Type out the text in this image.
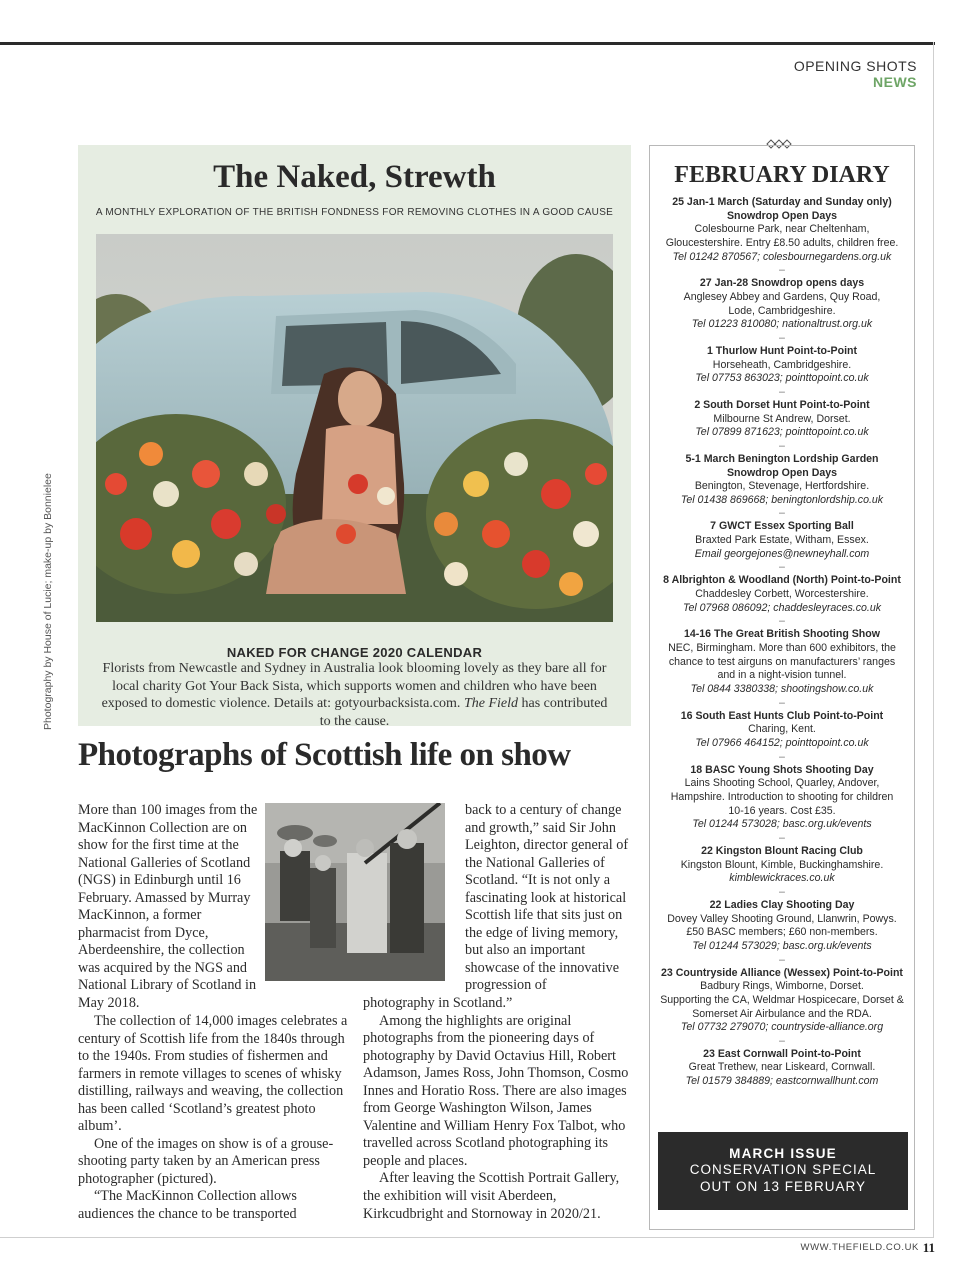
OPENING SHOTS
NEWS
Photography by House of Lucie; make-up by Bonnielee
The Naked, Strewth
A MONTHLY EXPLORATION OF THE BRITISH FONDNESS FOR REMOVING CLOTHES IN A GOOD CAUSE
NAKED FOR CHANGE 2020 CALENDAR
Florists from Newcastle and Sydney in Australia look blooming lovely as they bare all for local charity Got Your Back Sista, which supports women and children who have been exposed to domestic violence. Details at: gotyourbacksista.com. The Field has contributed to the cause.
Photographs of Scottish life on show

More than 100 images from the MacKinnon Collection are on show for the first time at the National Galleries of Scotland (NGS) in Edinburgh until 16 February. Amassed by Murray MacKinnon, a former pharmacist from Dyce, Aberdeenshire, the collection was acquired by the NGS and National Library of Scotland in May 2018.

The collection of 14,000 images celebrates a century of Scottish life from the 1840s through to the 1940s. From studies of fishermen and farmers in remote villages to scenes of whisky distilling, railways and weaving, the collection has been called ‘Scotland’s greatest photo album’.

One of the images on show is of a grouse-shooting party taken by an American press photographer (pictured).

“The MacKinnon Collection allows audiences the chance to be transported

back to a century of change and growth,” said Sir John Leighton, director general of the National Galleries of Scotland. “It is not only a fascinating look at historical Scottish life that sits just on the edge of living memory, but also an important showcase of the innovative progression of

photography in Scotland.”

Among the highlights are original photographs from the pioneering days of photography by David Octavius Hill, Robert Adamson, James Ross, John Thomson, Cosmo Innes and Horatio Ross. There are also images from George Washington Wilson, James Valentine and William Henry Fox Talbot, who travelled across Scotland photographing its people and places.

After leaving the Scottish Portrait Gallery, the exhibition will visit Aberdeen, Kirkcudbright and Stornoway in 2020/21.

FEBRUARY DIARY
25 Jan-1 March (Saturday and Sunday only)
Snowdrop Open Days
Colesbourne Park, near Cheltenham,
Gloucestershire. Entry £8.50 adults, children free.
Tel 01242 870567; colesbournegardens.org.uk
–
27 Jan-28 Snowdrop opens days
Anglesey Abbey and Gardens, Quy Road,
Lode, Cambridgeshire.
Tel 01223 810080; nationaltrust.org.uk
–
1 Thurlow Hunt Point-to-Point
Horseheath, Cambridgeshire.
Tel 07753 863023; pointtopoint.co.uk
–
2 South Dorset Hunt Point-to-Point
Milbourne St Andrew, Dorset.
Tel 07899 871623; pointtopoint.co.uk
–
5-1 March Benington Lordship Garden
Snowdrop Open Days
Benington, Stevenage, Hertfordshire.
Tel 01438 869668; beningtonlordship.co.uk
–
7 GWCT Essex Sporting Ball
Braxted Park Estate, Witham, Essex.
Email georgejones@newneyhall.com
–
8 Albrighton & Woodland (North) Point-to-Point
Chaddesley Corbett, Worcestershire.
Tel 07968 086092; chaddesleyraces.co.uk
–
14-16 The Great British Shooting Show
NEC, Birmingham. More than 600 exhibitors, the
chance to test airguns on manufacturers’ ranges
and in a night-vision tunnel.
Tel 0844 3380338; shootingshow.co.uk
–
16 South East Hunts Club Point-to-Point
Charing, Kent.
Tel 07966 464152; pointtopoint.co.uk
–
18 BASC Young Shots Shooting Day
Lains Shooting School, Quarley, Andover,
Hampshire. Introduction to shooting for children
10-16 years. Cost £35.
Tel 01244 573028; basc.org.uk/events
–
22 Kingston Blount Racing Club
Kingston Blount, Kimble, Buckinghamshire.
kimblewickraces.co.uk
–
22 Ladies Clay Shooting Day
Dovey Valley Shooting Ground, Llanwrin, Powys.
£50 BASC members; £60 non-members.
Tel 01244 573029; basc.org.uk/events
–
23 Countryside Alliance (Wessex) Point-to-Point
Badbury Rings, Wimborne, Dorset.
Supporting the CA, Weldmar Hospicecare, Dorset &
Somerset Air Airbulance and the RDA.
Tel 07732 279070; countryside-alliance.org
–
23 East Cornwall Point-to-Point
Great Trethew, near Liskeard, Cornwall.
Tel 01579 384889; eastcornwallhunt.com
MARCH ISSUE
CONSERVATION SPECIAL
OUT ON 13 FEBRUARY
WWW.THEFIELD.CO.UK 11
